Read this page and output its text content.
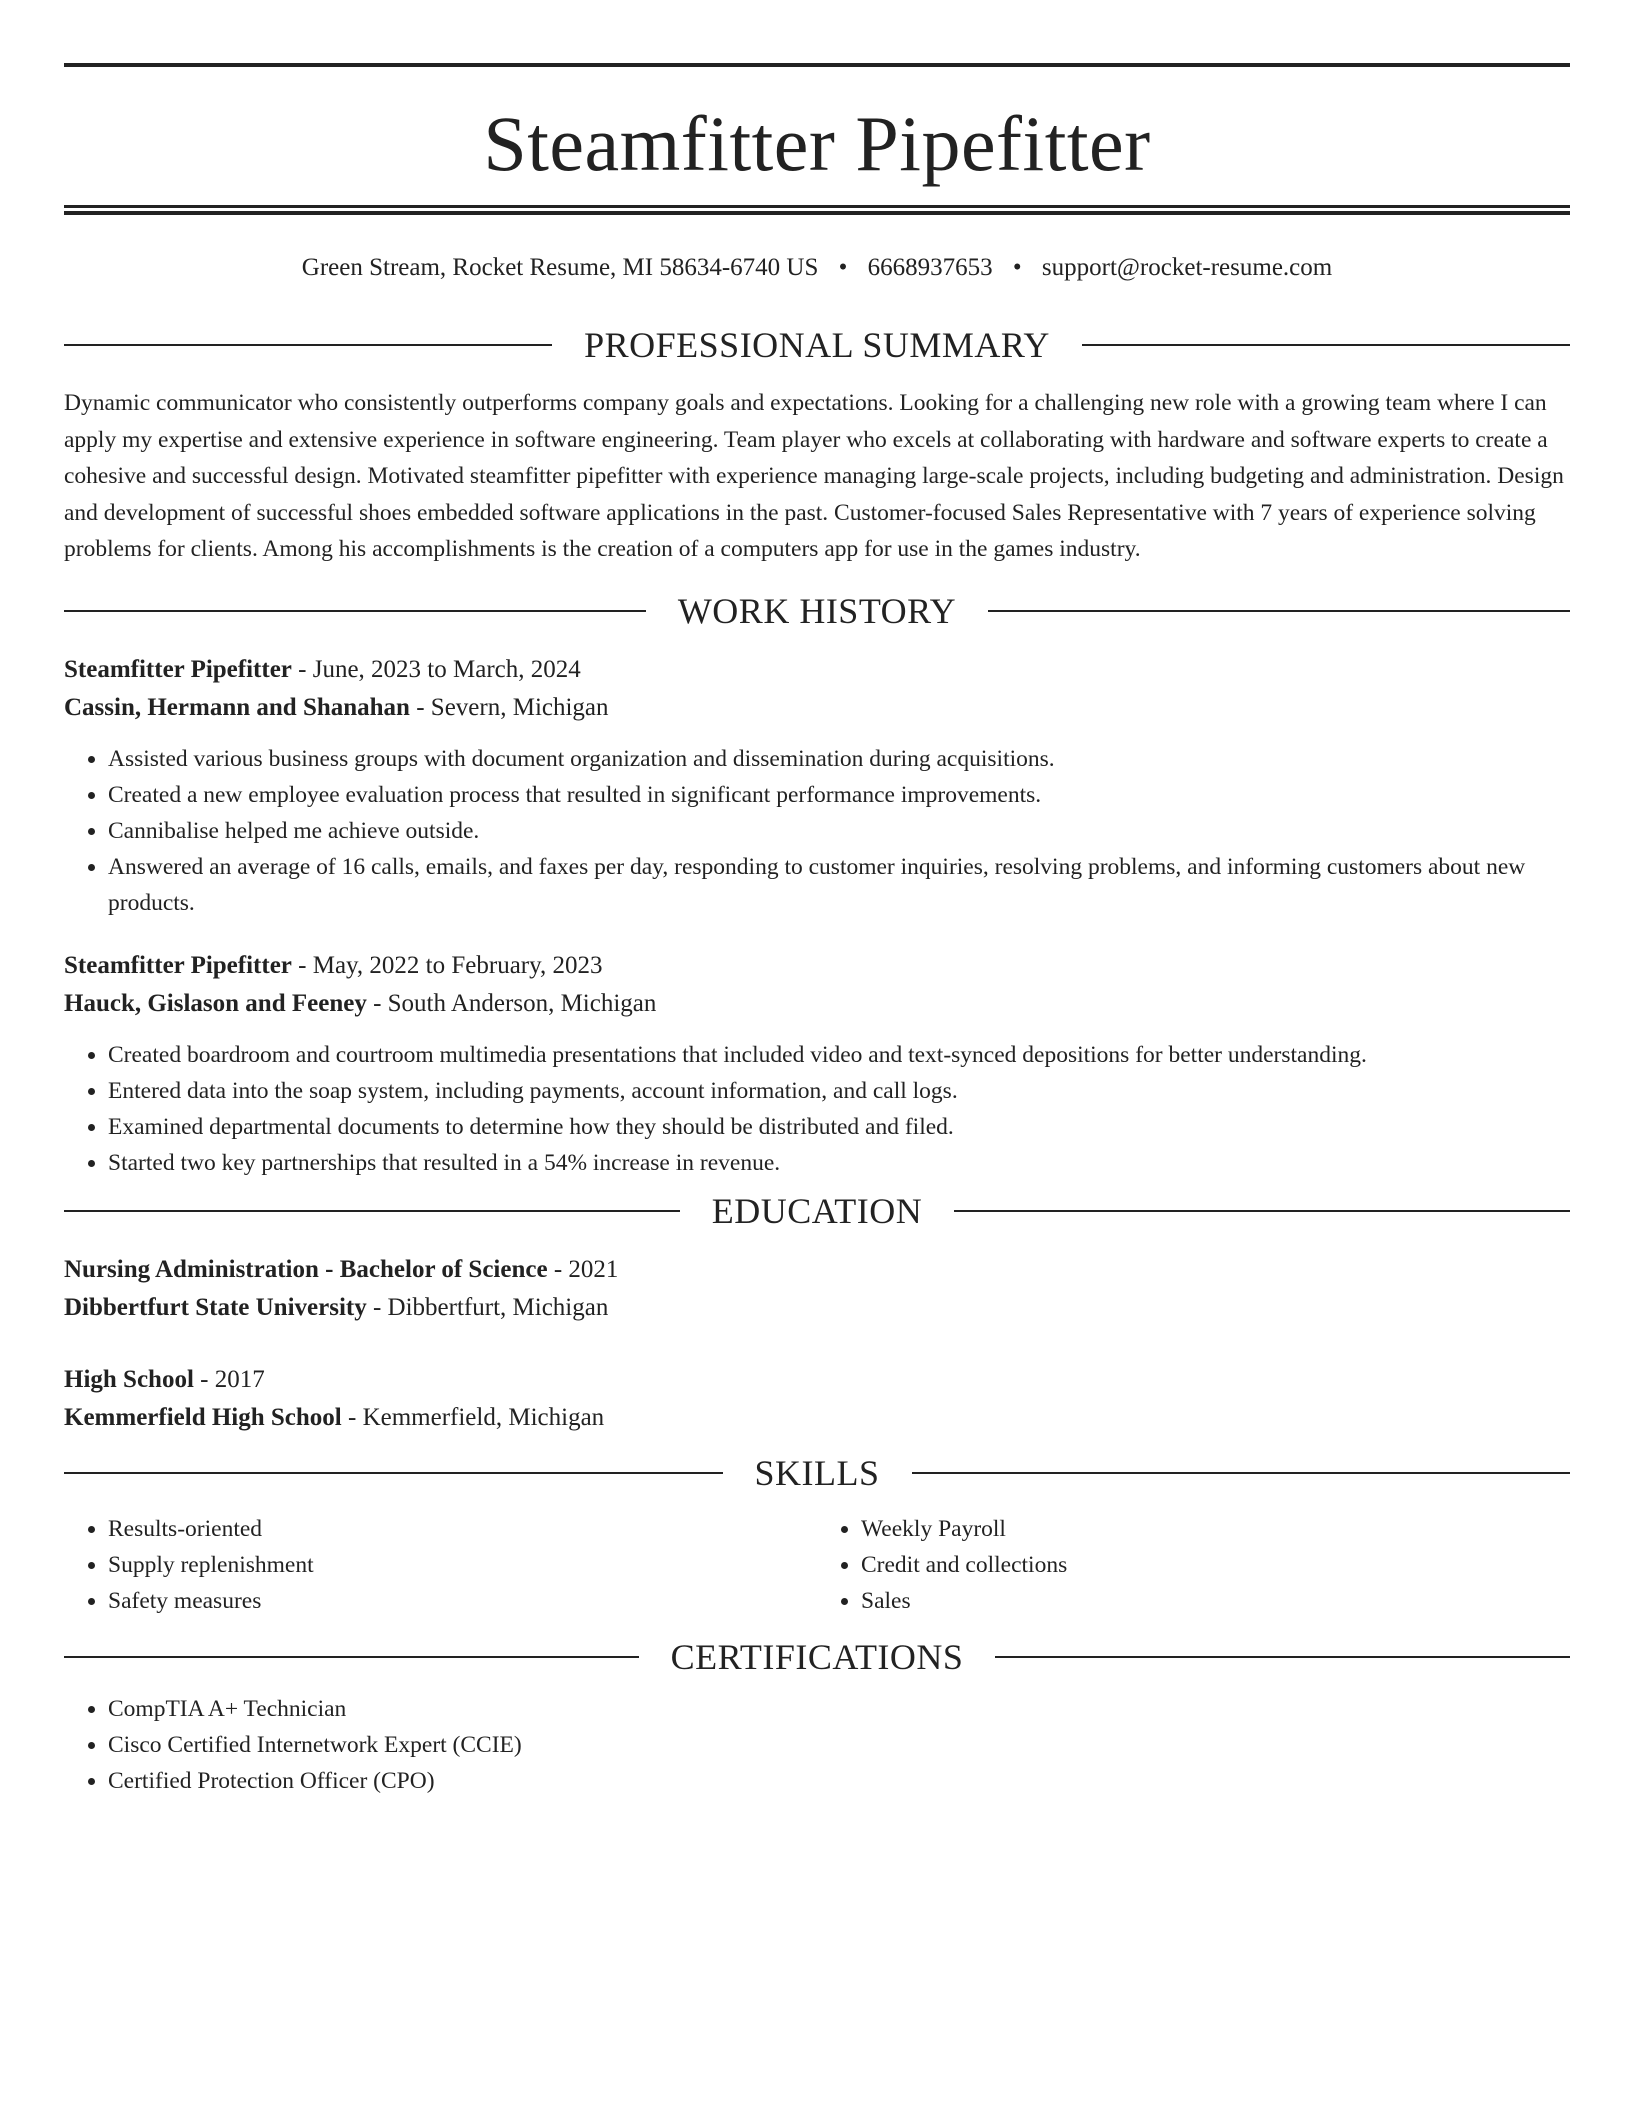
Steamfitter Pipefitter
Green Stream, Rocket Resume, MI 58634-6740 US • 6668937653 • support@rocket-resume.com
PROFESSIONAL SUMMARY

Dynamic communicator who consistently outperforms company goals and expectations. Looking for a challenging new role with a growing team where I can apply my expertise and extensive experience in software engineering. Team player who excels at collaborating with hardware and software experts to create a cohesive and successful design. Motivated steamfitter pipefitter with experience managing large-scale projects, including budgeting and administration. Design and development of successful shoes embedded software applications in the past. Customer-focused Sales Representative with 7 years of experience solving problems for clients. Among his accomplishments is the creation of a computers app for use in the games industry.

WORK HISTORY
Steamfitter Pipefitter - June, 2023 to March, 2024
Cassin, Hermann and Shanahan - Severn, Michigan
• Assisted various business groups with document organization and dissemination during acquisitions.
• Created a new employee evaluation process that resulted in significant performance improvements.
• Cannibalise helped me achieve outside.
• Answered an average of 16 calls, emails, and faxes per day, responding to customer inquiries, resolving problems, and informing customers about new products.
Steamfitter Pipefitter - May, 2022 to February, 2023
Hauck, Gislason and Feeney - South Anderson, Michigan
• Created boardroom and courtroom multimedia presentations that included video and text-synced depositions for better understanding.
• Entered data into the soap system, including payments, account information, and call logs.
• Examined departmental documents to determine how they should be distributed and filed.
• Started two key partnerships that resulted in a 54% increase in revenue.
EDUCATION
Nursing Administration - Bachelor of Science - 2021
Dibbertfurt State University - Dibbertfurt, Michigan
High School - 2017
Kemmerfield High School - Kemmerfield, Michigan
SKILLS
• Results-oriented
• Supply replenishment
• Safety measures
• Weekly Payroll
• Credit and collections
• Sales
CERTIFICATIONS
• CompTIA A+ Technician
• Cisco Certified Internetwork Expert (CCIE)
• Certified Protection Officer (CPO)
